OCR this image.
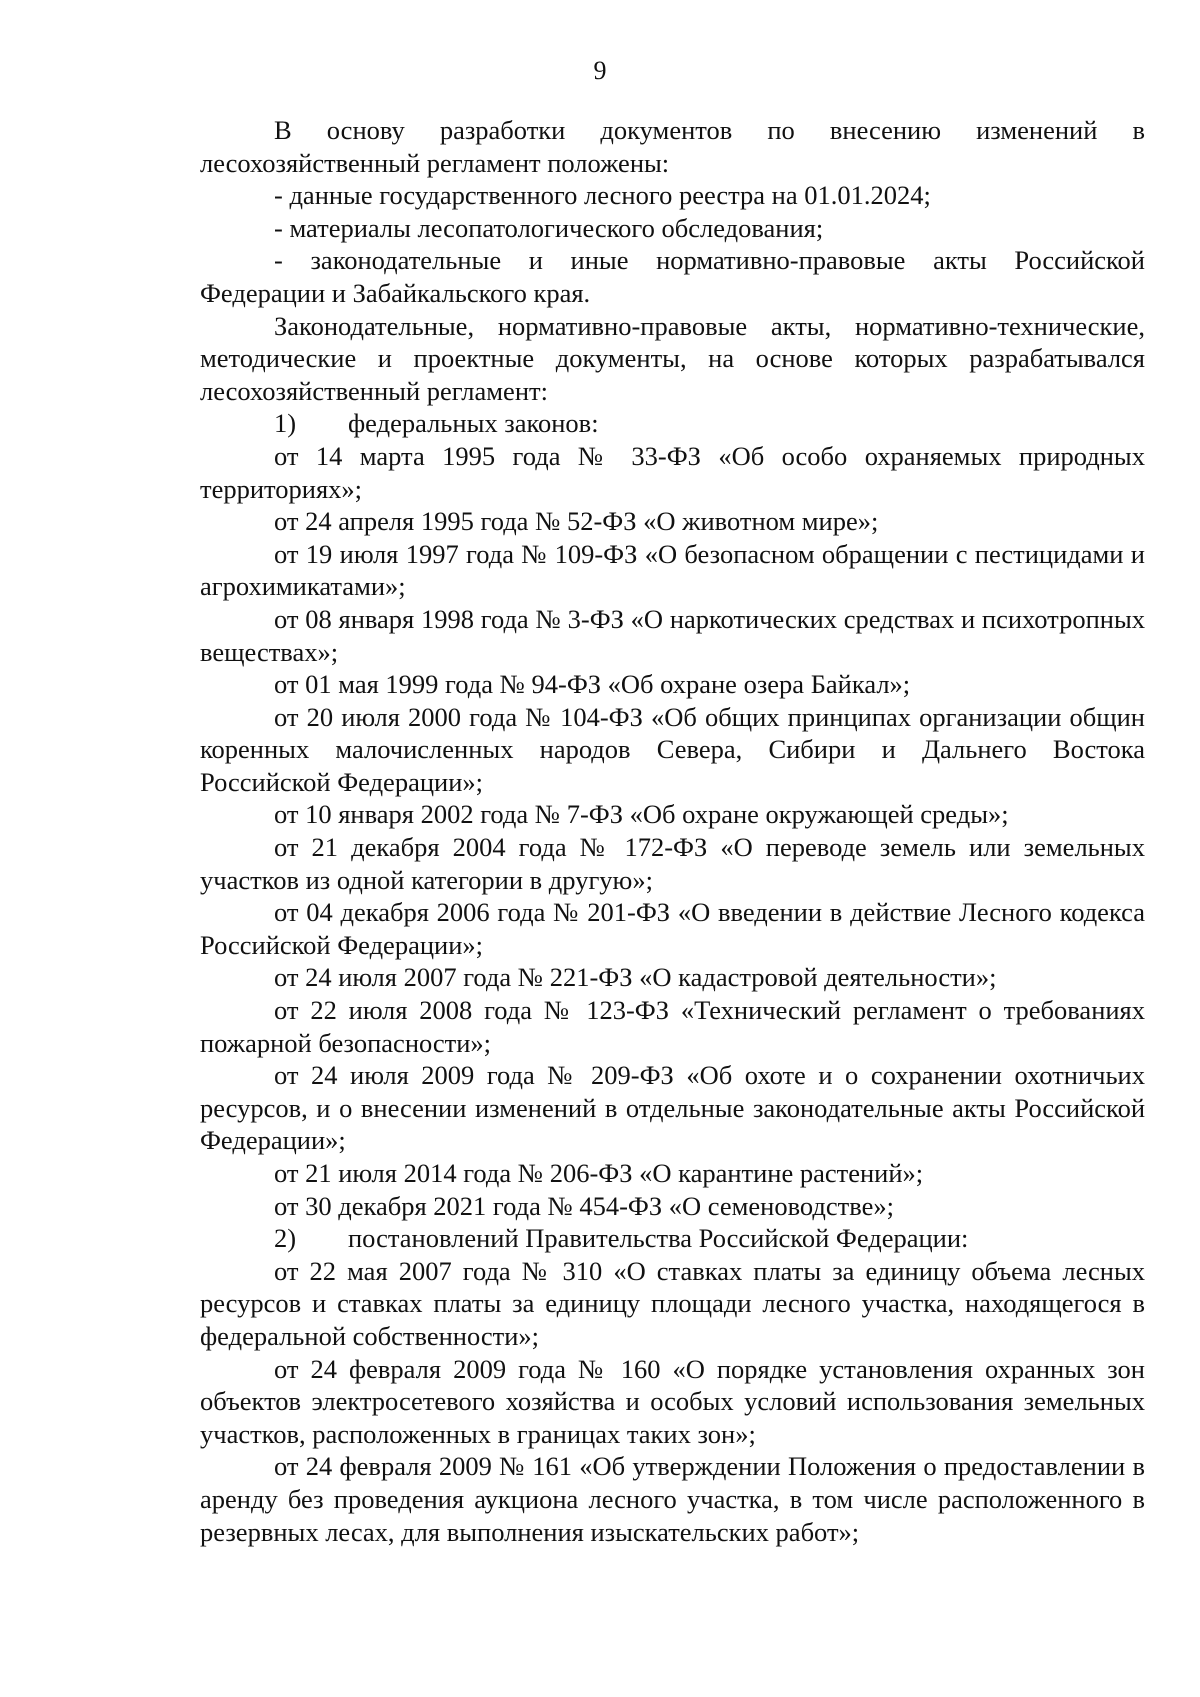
9

В основу разработки документов по внесению изменений в лесохозяйственный регламент положены:

- данные государственного лесного реестра на 01.01.2024;

- материалы лесопатологического обследования;

- законодательные и иные нормативно-правовые акты Российской Федерации и Забайкальского края.

Законодательные, нормативно-правовые акты, нормативно-технические, методические и проектные документы, на основе которых разрабатывался лесохозяйственный регламент:

1) федеральных законов:

от 14 марта 1995 года № 33-ФЗ «Об особо охраняемых природных территориях»;

от 24 апреля 1995 года № 52-ФЗ «О животном мире»;

от 19 июля 1997 года № 109-ФЗ «О безопасном обращении с пестицидами и агрохимикатами»;

от 08 января 1998 года № 3-ФЗ «О наркотических средствах и психотропных веществах»;

от 01 мая 1999 года № 94-ФЗ «Об охране озера Байкал»;

от 20 июля 2000 года № 104-ФЗ «Об общих принципах организации общин коренных малочисленных народов Севера, Сибири и Дальнего Востока Российской Федерации»;

от 10 января 2002 года № 7-ФЗ «Об охране окружающей среды»;

от 21 декабря 2004 года № 172-ФЗ «О переводе земель или земельных участков из одной категории в другую»;

от 04 декабря 2006 года № 201-ФЗ «О введении в действие Лесного кодекса Российской Федерации»;

от 24 июля 2007 года № 221-ФЗ «О кадастровой деятельности»;

от 22 июля 2008 года № 123-ФЗ «Технический регламент о требованиях пожарной безопасности»;

от 24 июля 2009 года № 209-ФЗ «Об охоте и о сохранении охотничьих ресурсов, и о внесении изменений в отдельные законодательные акты Российской Федерации»;

от 21 июля 2014 года № 206-ФЗ «О карантине растений»;

от 30 декабря 2021 года № 454-ФЗ «О семеноводстве»;

2) постановлений Правительства Российской Федерации:

от 22 мая 2007 года № 310 «О ставках платы за единицу объема лесных ресурсов и ставках платы за единицу площади лесного участка, находящегося в федеральной собственности»;

от 24 февраля 2009 года № 160 «О порядке установления охранных зон объектов электросетевого хозяйства и особых условий использования земельных участков, расположенных в границах таких зон»;

от 24 февраля 2009 № 161 «Об утверждении Положения о предоставлении в аренду без проведения аукциона лесного участка, в том числе расположенного в резервных лесах, для выполнения изыскательских работ»;
